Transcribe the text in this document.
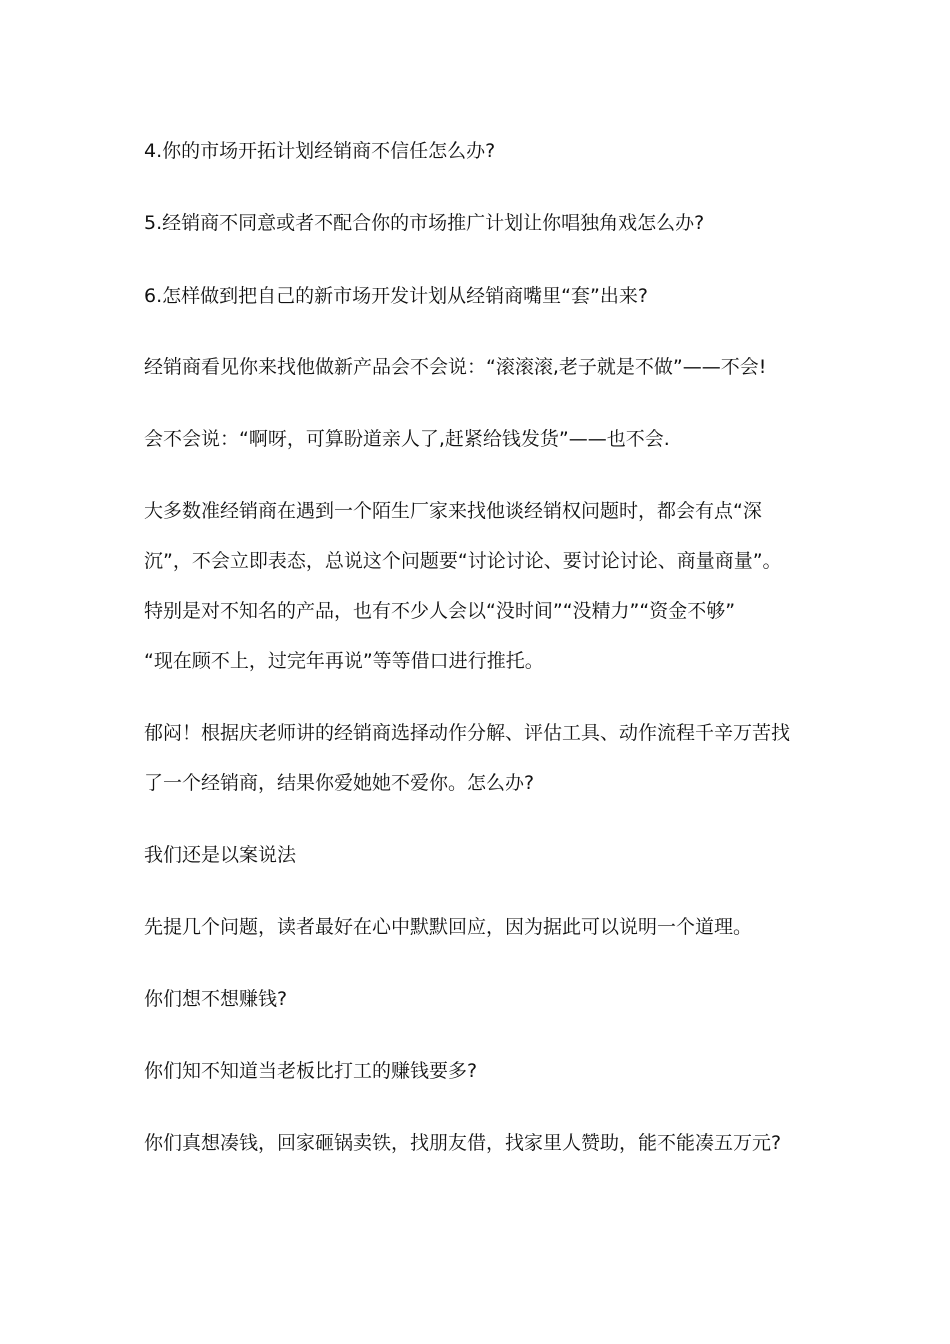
4.你的市场开拓计划经销商不信任怎么办?
5.经销商不同意或者不配合你的市场推广计划让你唱独角戏怎么办?
6.怎样做到把自己的新市场开发计划从经销商嘴里“套”出来?
经销商看见你来找他做新产品会不会说：“滚滚滚,老子就是不做”——不会!
会不会说：“啊呀，可算盼道亲人了,赶紧给钱发货”——也不会.
大多数准经销商在遇到一个陌生厂家来找他谈经销权问题时，都会有点“深
沉”，不会立即表态，总说这个问题要“讨论讨论、要讨论讨论、商量商量”。
特别是对不知名的产品，也有不少人会以“没时间”“没精力”“资金不够”
“现在顾不上，过完年再说”等等借口进行推托。
郁闷！根据庆老师讲的经销商选择动作分解、评估工具、动作流程千辛万苦找
了一个经销商，结果你爱她她不爱你。怎么办?
我们还是以案说法
先提几个问题，读者最好在心中默默回应，因为据此可以说明一个道理。
你们想不想赚钱?
你们知不知道当老板比打工的赚钱要多?
你们真想凑钱，回家砸锅卖铁，找朋友借，找家里人赞助，能不能凑五万元?
